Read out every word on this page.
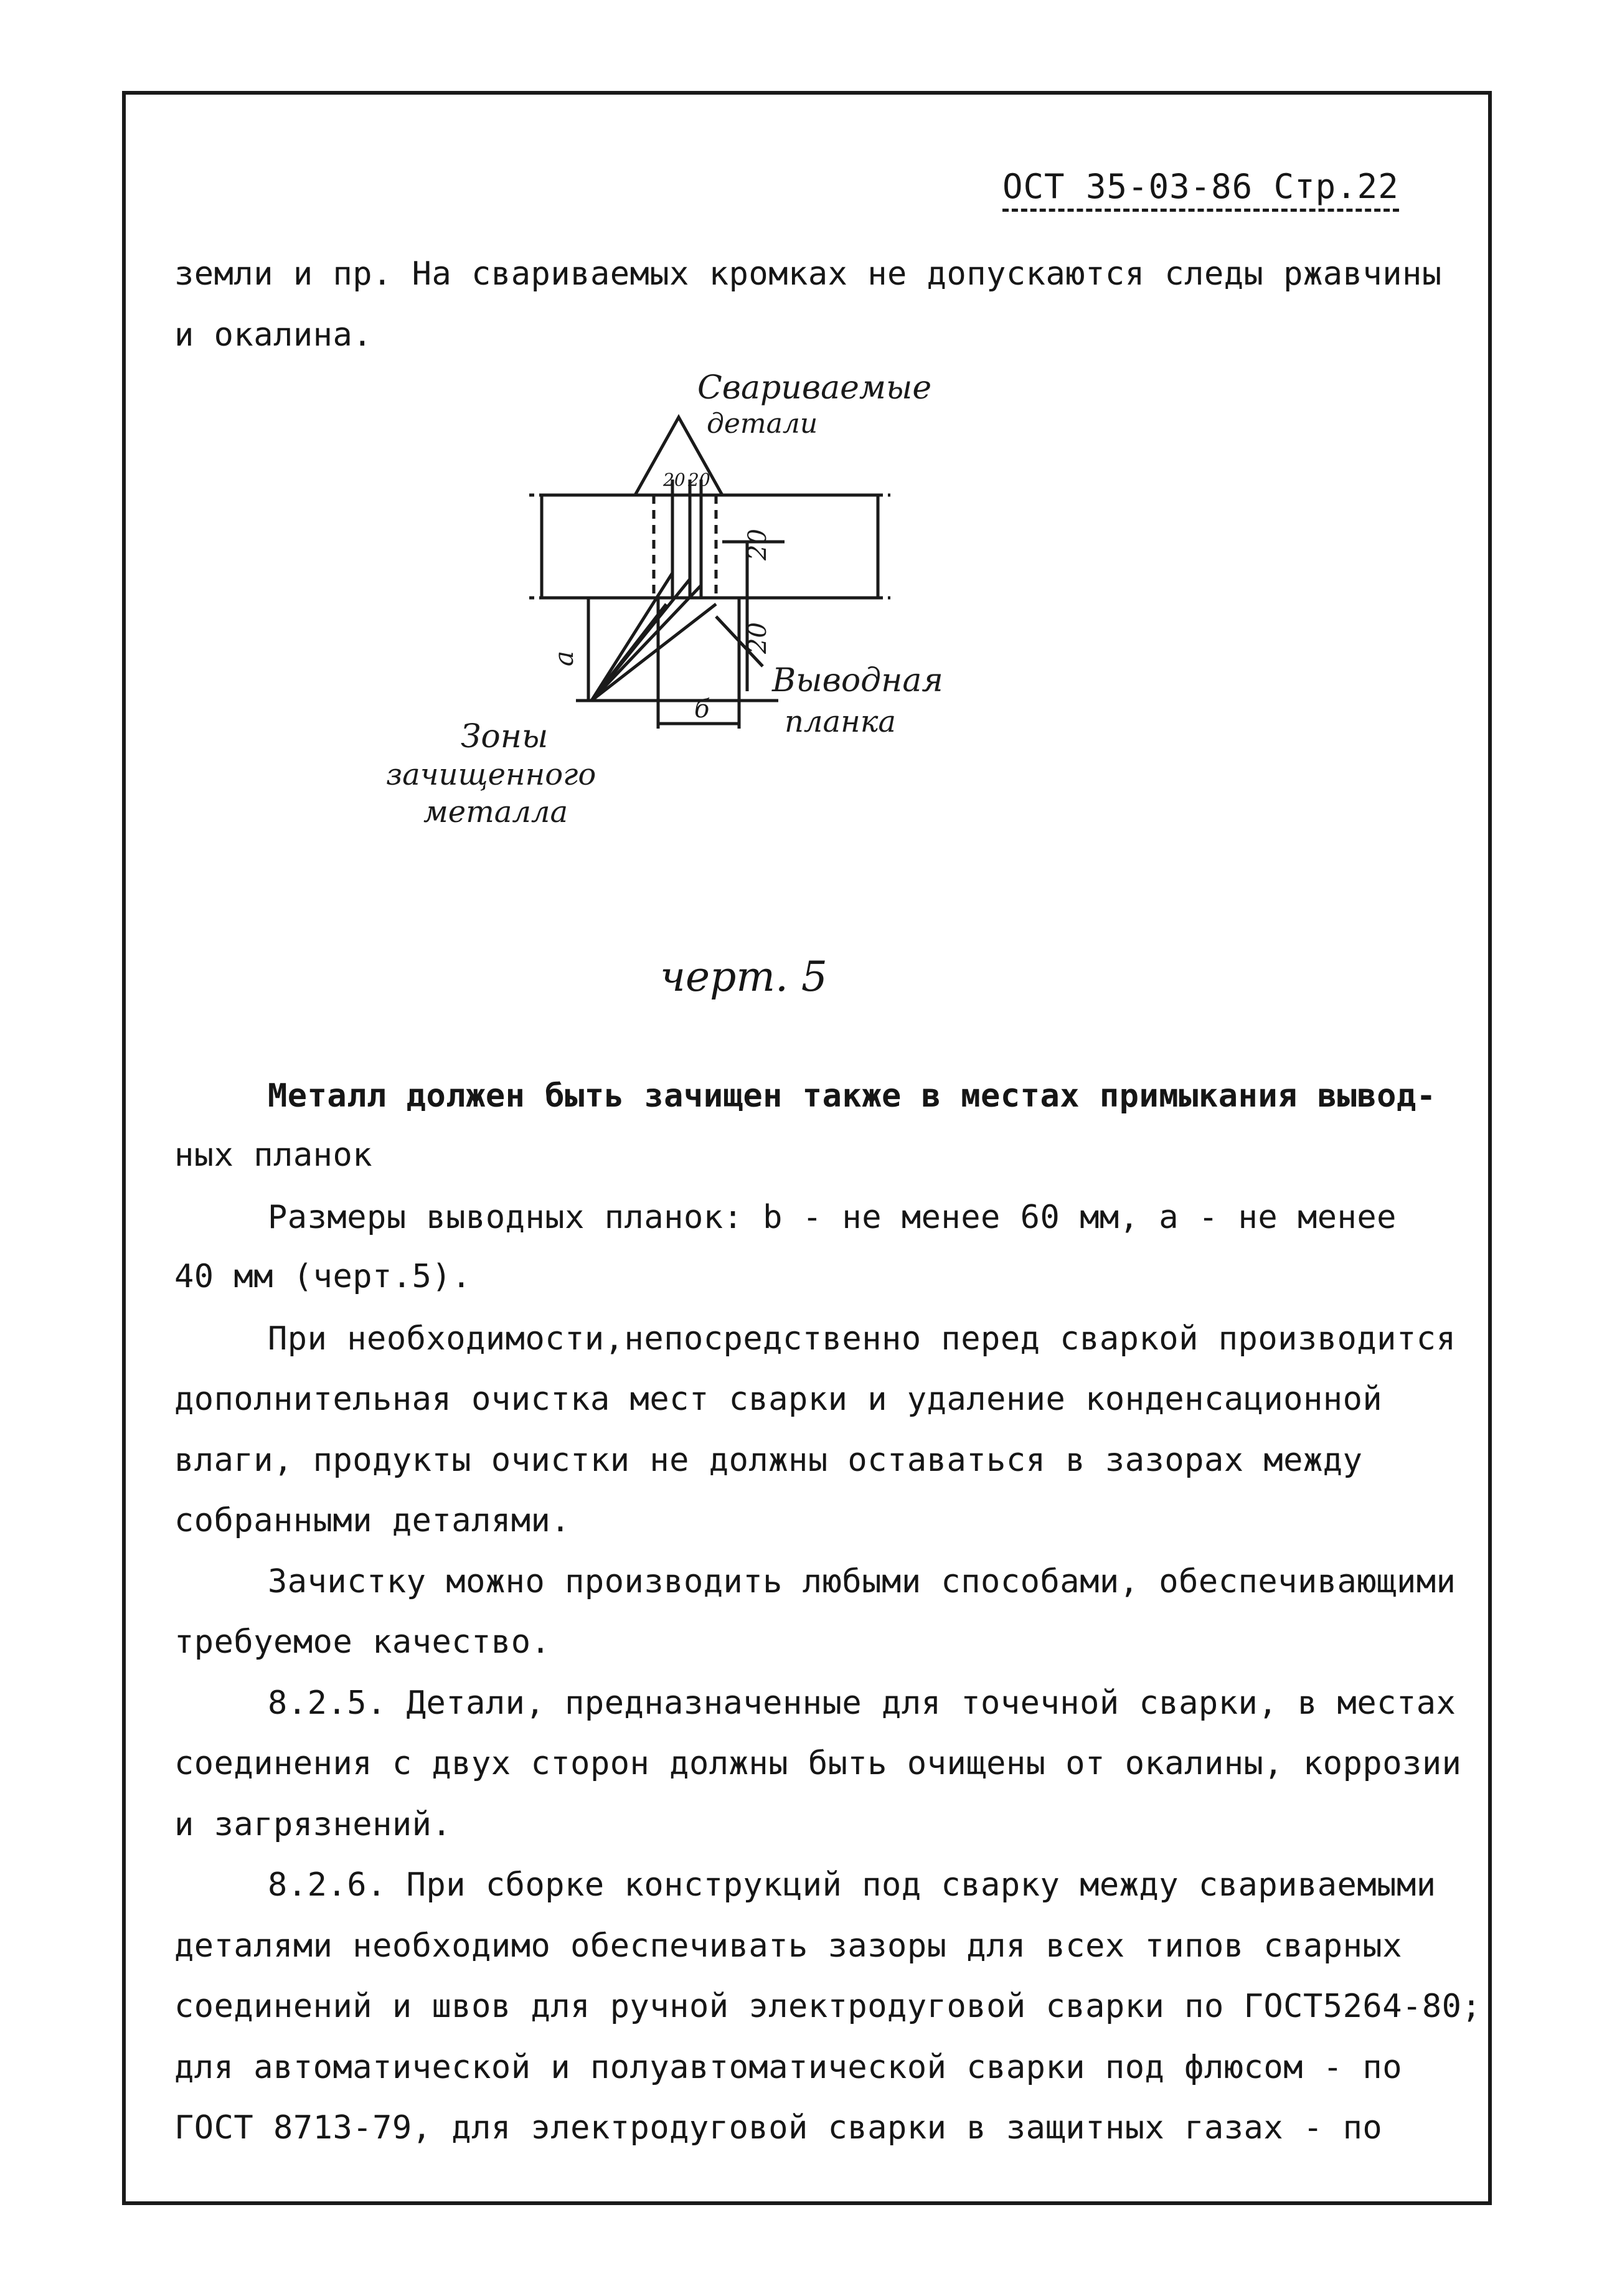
ОСТ 35-03-86 Стр.22
земли и пр. На свариваемых кромках не допускаются следы ржавчины
и окалина.
Свариваемые
детали
20 20
20
20
а
б
Выводная
планка
Зоны
зачищенного
металла
черт. 5
Металл должен быть зачищен также в местах примыкания вывод-
ных планок
Размеры выводных планок: b - не менее 60 мм, а - не менее
40 мм (черт.5).
При необходимости,непосредственно перед сваркой производится
дополнительная очистка мест сварки и удаление конденсационной
влаги, продукты очистки не должны оставаться в зазорах между
собранными деталями.
Зачистку можно производить любыми способами, обеспечивающими
требуемое качество.
8.2.5. Детали, предназначенные для точечной сварки, в местах
соединения с двух сторон должны быть очищены от окалины, коррозии
и загрязнений.
8.2.6. При сборке конструкций под сварку между свариваемыми
деталями необходимо обеспечивать зазоры для всех типов сварных
соединений и швов для ручной электродуговой сварки по ГОСТ5264-80;
для автоматической и полуавтоматической сварки под флюсом - по
ГОСТ 8713-79, для электродуговой сварки в защитных газах - по
